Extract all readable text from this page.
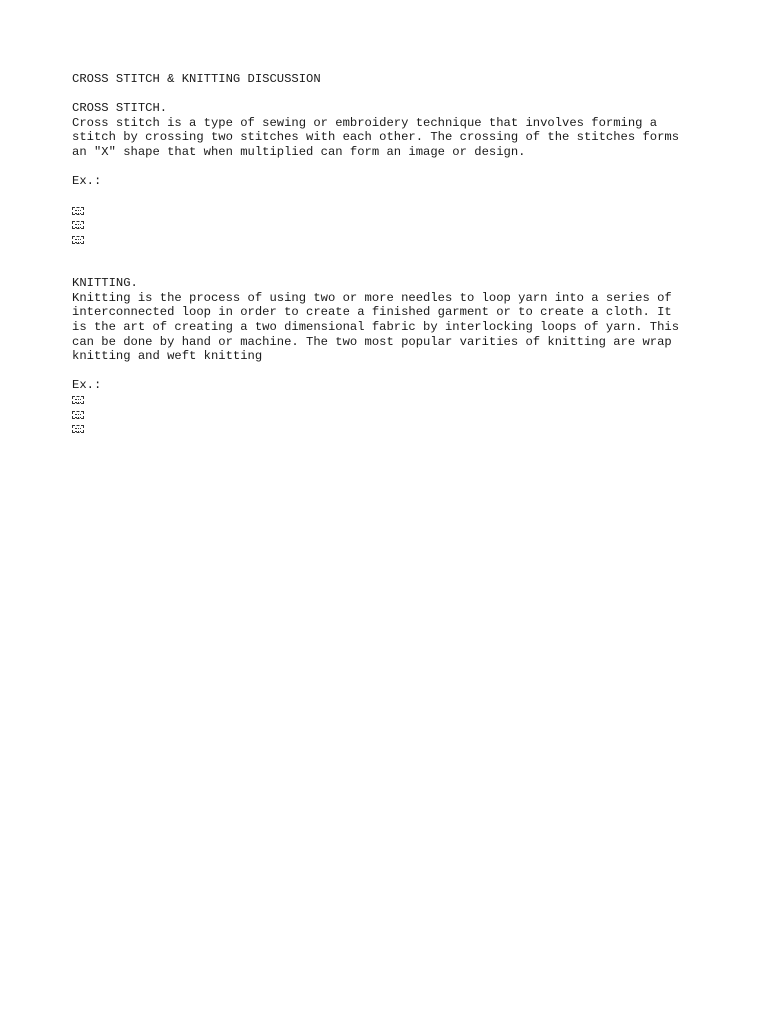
CROSS STITCH & KNITTING DISCUSSION

CROSS STITCH.

Cross stitch is a type of sewing or embroidery technique that involves forming a

stitch by crossing two stitches with each other. The crossing of the stitches forms

an "X" shape that when multiplied can form an image or design.

Ex.:

KNITTING.

Knitting is the process of using two or more needles to loop yarn into a series of

interconnected loop in order to create a finished garment or to create a cloth. It

is the art of creating a two dimensional fabric by interlocking loops of yarn. This

can be done by hand or machine. The two most popular varities of knitting are wrap

knitting and weft knitting

Ex.:
